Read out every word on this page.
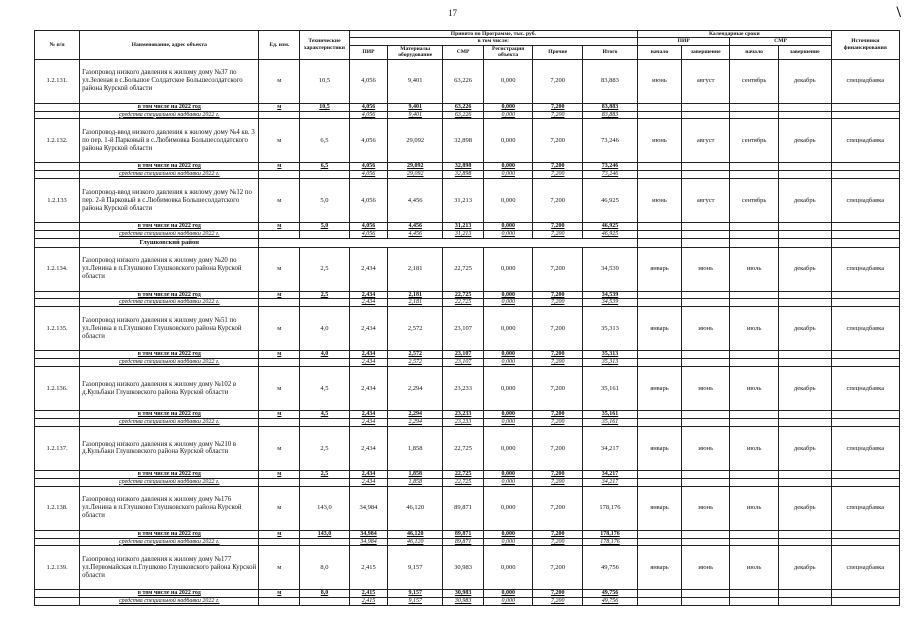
17	\
№ п/п	Наименование, адрес объекта	Ед. изм.	Технические характеристики	Принято по Программе, тыс. руб.						Календарные сроки				Источники финансирования
				в том числе:						ПИР		СМР		
				ПИР	Материалы оборудование	СМР	Регистрация объекта	Прочие	Итого	начало	завершение	начало	завершение	
1.2.131.	Газопровод низкого давления к жилому дому №37 по ул.Зеленая в с.Большое Солдатское Большесолдатского района Курской области	м	10,5	4,056	9,401	63,226	0,000	7,200	83,883	июнь	август	сентябрь	декабрь	спецнадбавка
	в том числе на 2022 год	м	10,5	4,056	9,401	63,226	0,000	7,200	83,883					
	средства специальной надбавки 2022 г.			4,056	9,401	63,226	0,000	7,200	83,883					
1.2.132.	Газопровод-ввод низкого давления к жилому дому №4 кв. 3 по пер. 1-й Парковый в с.Любимовка Большесолдатского района Курской области	м	6,5	4,056	29,092	32,898	0,000	7,200	73,246	июнь	август	сентябрь	декабрь	спецнадбавка
	в том числе на 2022 год	м	6,5	4,056	29,092	32,898	0,000	7,200	73,246					
	средства специальной надбавки 2022 г.			4,056	29,092	32,898	0,000	7,200	73,246					
1.2.133	Газопровод-ввод низкого давления к жилому дому №12 по пер. 2-й Парковый в с.Любимовка Большесолдатского района Курской области	м	5,0	4,056	4,456	31,213	0,000	7,200	46,925	июнь	август	сентябрь	декабрь	спецнадбавка
	в том числе на 2022 год	м	5,0	4,056	4,456	31,213	0,000	7,200	46,925					
	средства специальной надбавки 2022 г.			4,056	4,456	31,213	0,000	7,200	46,925					
	Глушковский район													
1.2.134.	Газопровод низкого давления к жилому дому №20 по ул.Ленина в п.Глушково Глушковского района Курской области	м	2,5	2,434	2,181	22,725	0,000	7,200	34,539	январь	июнь	июль	декабрь	спецнадбавка
	в том числе на 2022 год	м	2,5	2,434	2,181	22,725	0,000	7,200	34,539					
	средства специальной надбавки 2022 г.			2,434	2,181	22,725	0,000	7,200	34,539					
1.2.135.	Газопровод низкого давления к жилому дому №51 по ул.Ленина в п.Глушково Глушковского района Курской области	м	4,0	2,434	2,572	23,107	0,000	7,200	35,313	январь	июнь	июль	декабрь	спецнадбавка
	в том числе на 2022 год	м	4,0	2,434	2,572	23,107	0,000	7,200	35,313					
	средства специальной надбавки 2022 г.			2,434	2,572	23,107	0,000	7,200	35,313					
1.2.136.	Газопровод низкого давления к жилому дому №102 в д.Кульбаки Глушковского района Курской области	м	4,5	2,434	2,294	23,233	0,000	7,200	35,161	январь	июнь	июль	декабрь	спецнадбавка
	в том числе на 2022 год	м	4,5	2,434	2,294	23,233	0,000	7,200	35,161					
	средства специальной надбавки 2022 г.			2,434	2,294	23,233	0,000	7,200	35,161					
1.2.137.	Газопровод низкого давления к жилому дому №210 в д.Кульбаки Глушковского района Курской области	м	2,5	2,434	1,858	22,725	0,000	7,200	34,217	январь	июнь	июль	декабрь	спецнадбавка
	в том числе на 2022 год	м	2,5	2,434	1,858	22,725	0,000	7,200	34,217					
	средства специальной надбавки 2022 г.			2,434	1,858	22,725	0,000	7,200	34,217					
1.2.138.	Газопровод низкого давления к жилому дому №176 ул.Ленина в п.Глушково Глушковского района Курской области	м	143,0	34,984	46,120	89,871	0,000	7,200	178,176	январь	июнь	июль	декабрь	спецнадбавка
	в том числе на 2022 год	м	143,0	34,984	46,120	89,871	0,000	7,200	178,176					
	средства специальной надбавки 2022 г.			34,984	46,120	89,871	0,000	7,200	178,176					
1.2.139.	Газопровод низкого давления к жилому дому №177 ул.Первомайская п.Глушково Глушковского района Курской области	м	8,0	2,415	9,157	30,983	0,000	7,200	49,756	январь	июнь	июль	декабрь	спецнадбавка
	в том числе на 2022 год	м	8,0	2,415	9,157	30,983	0,000	7,200	49,756					
	средства специальной надбавки 2022 г.			2,415	9,157	30,983	0,000	7,200	49,756					
